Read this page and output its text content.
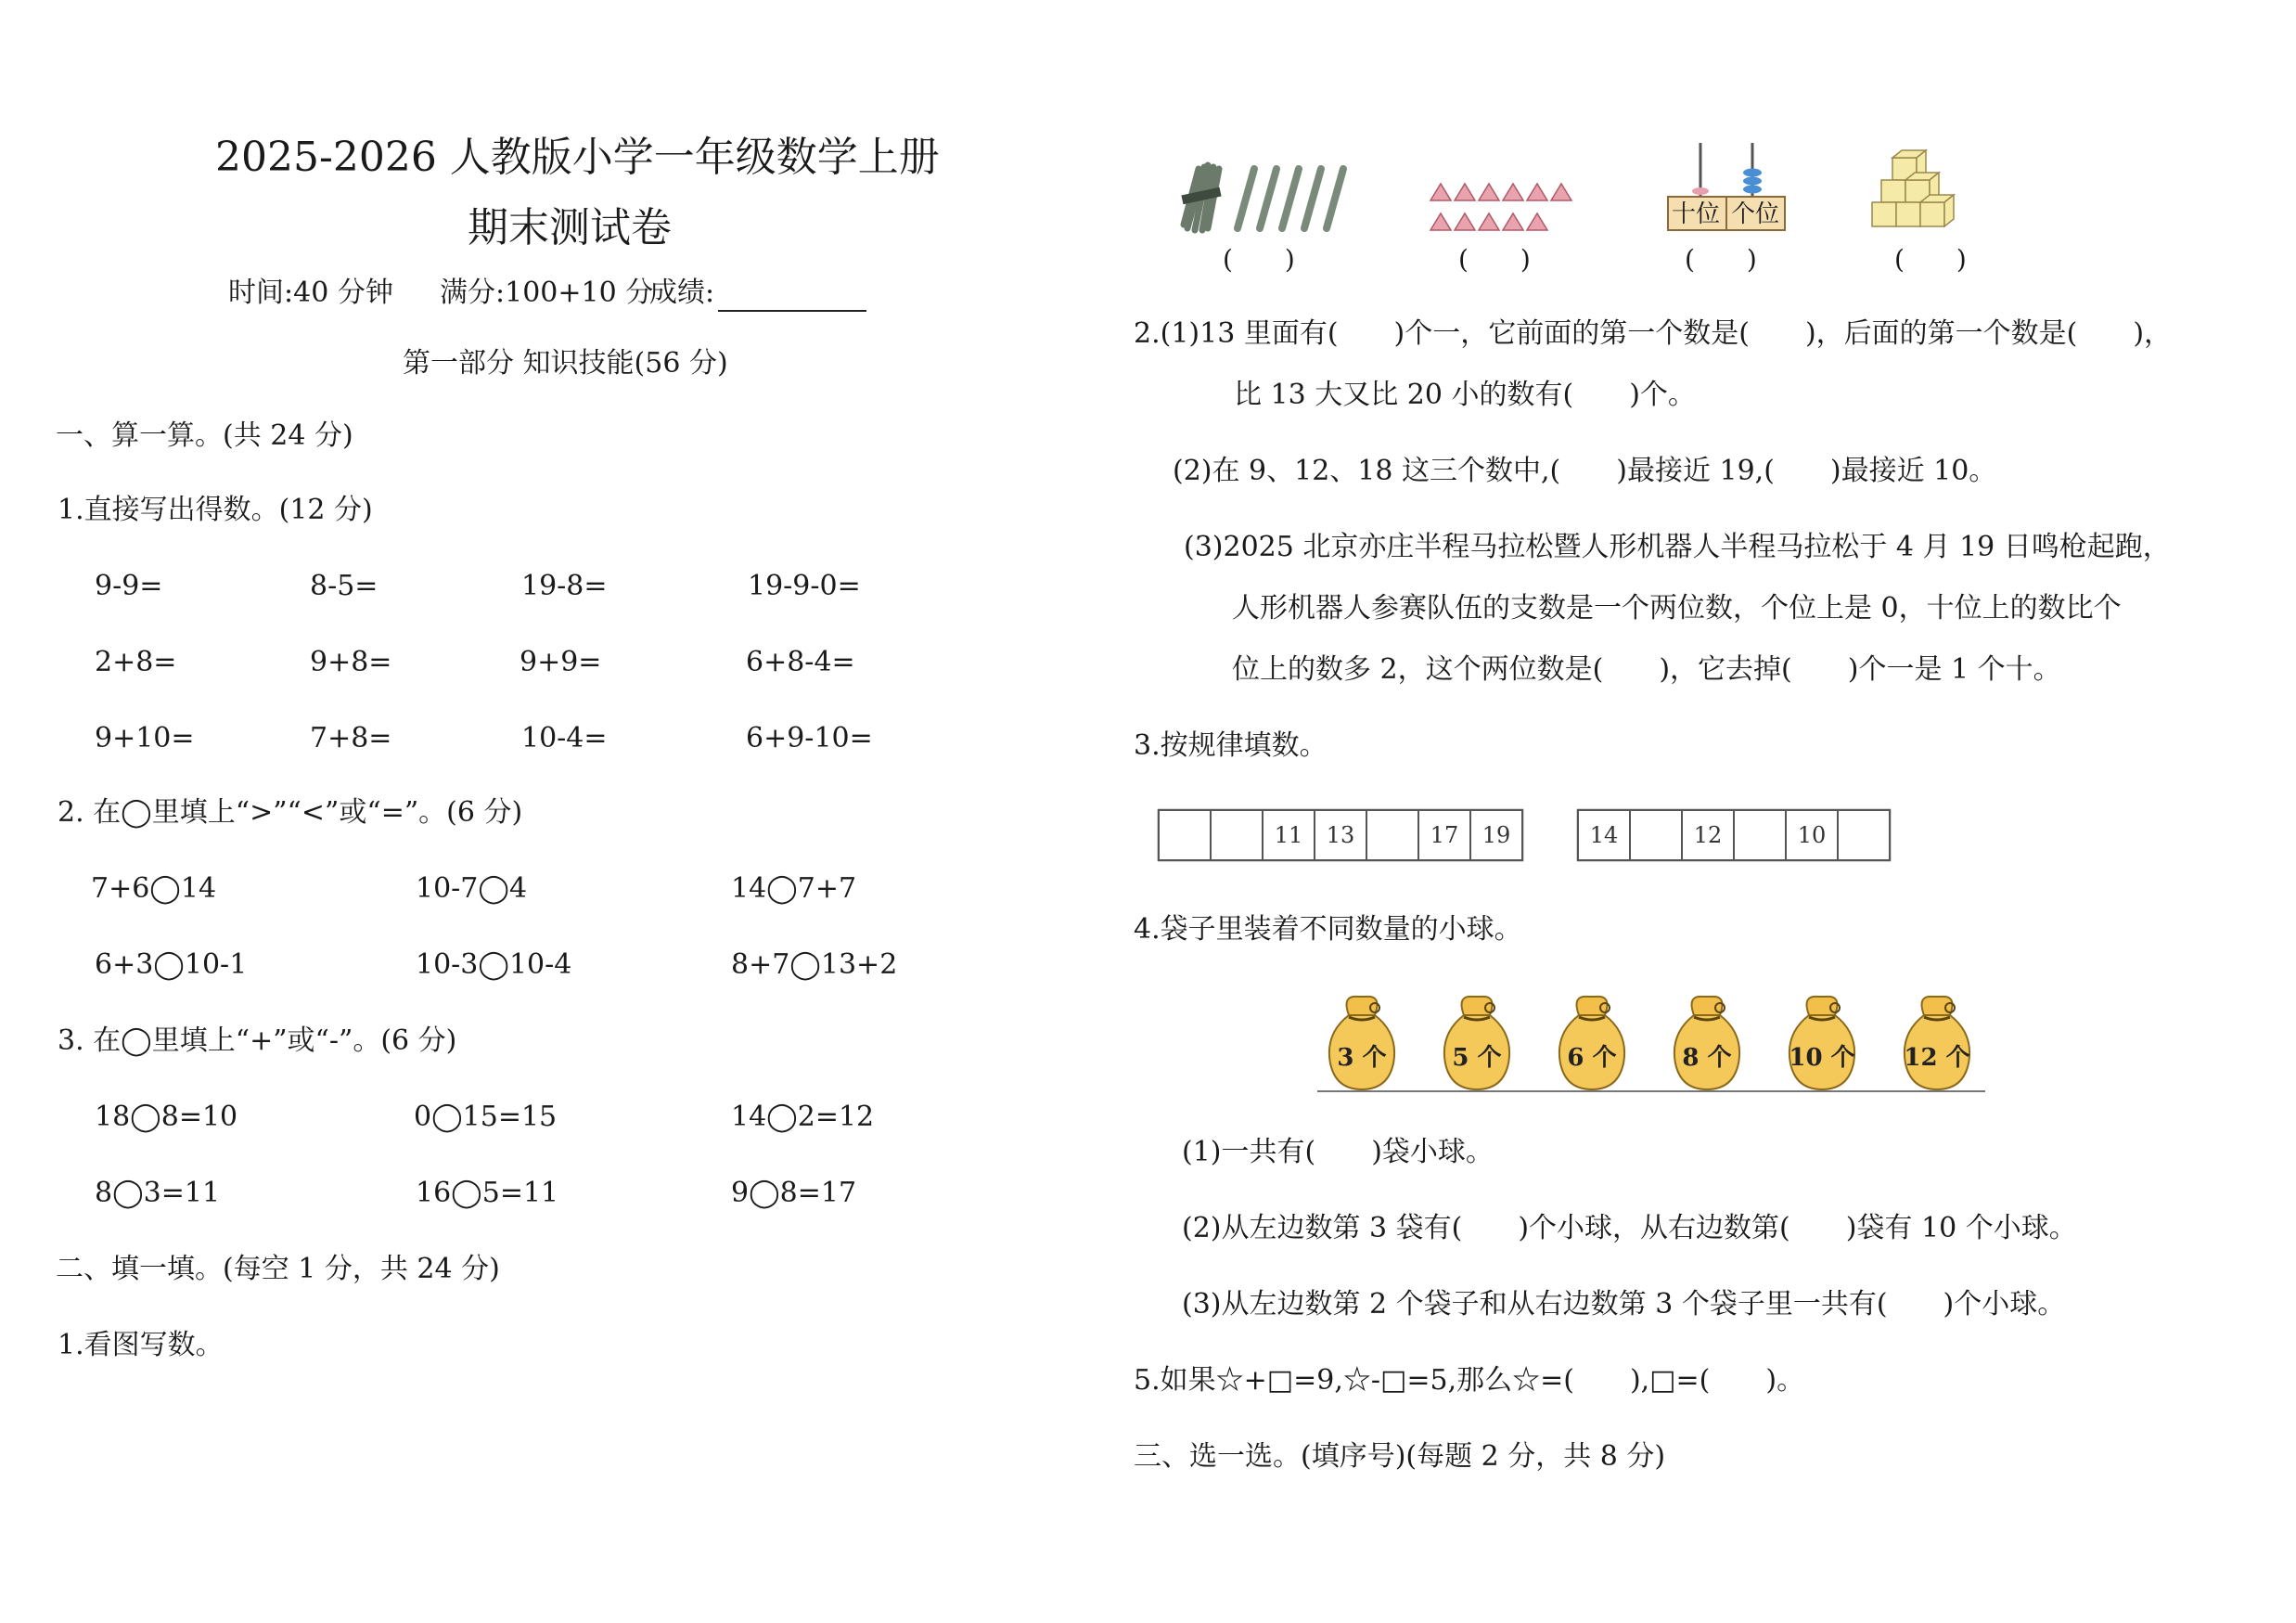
2025-2026 人教版小学一年级数学上册
期末测试卷
时间:40 分钟 满分:100+10 分
成绩:
第一部分 知识技能(56 分)
一、算一算。(共 24 分)
1.直接写出得数。(12 分)
9-9=	8-5=	19-8=	19-9-0=
2+8=	9+8=	9+9=	6+8-4=
9+10=	7+8=	10-4=	6+9-10=
2. 在◯里填上“>”“<”或“=”。(6 分)
7+6◯14	10-7◯4	14◯7+7
6+3◯10-1	10-3◯10-4	8+7◯13+2
3. 在◯里填上“+”或“-”。(6 分)
18◯8=10	0◯15=15	14◯2=12
8◯3=11	16◯5=11	9◯8=17
二、填一填。(每空 1 分，共 24 分)
1.看图写数。
(　　)	(　　)
十位 个位
(　　)	(　　)
2.(1)13 里面有(　　)个一，它前面的第一个数是(　　)，后面的第一个数是(　　)，
比 13 大又比 20 小的数有(　　)个。
(2)在 9、12、18 这三个数中,(　　)最接近 19,(　　)最接近 10。
(3)2025 北京亦庄半程马拉松暨人形机器人半程马拉松于 4 月 19 日鸣枪起跑，
人形机器人参赛队伍的支数是一个两位数，个位上是 0，十位上的数比个
位上的数多 2，这个两位数是(　　)，它去掉(　　)个一是 1 个十。
3.按规律填数。
11 13	17 19	14	12	10
4.袋子里装着不同数量的小球。
3 个	5 个	6 个	8 个 10 个 12 个
(1)一共有(　　)袋小球。
(2)从左边数第 3 袋有(　　)个小球，从右边数第(　　)袋有 10 个小球。
(3)从左边数第 2 个袋子和从右边数第 3 个袋子里一共有(　　)个小球。
5.如果☆+□=9,☆-□=5,那么☆=(　　),□=(　　)。
三、选一选。(填序号)(每题 2 分，共 8 分)
